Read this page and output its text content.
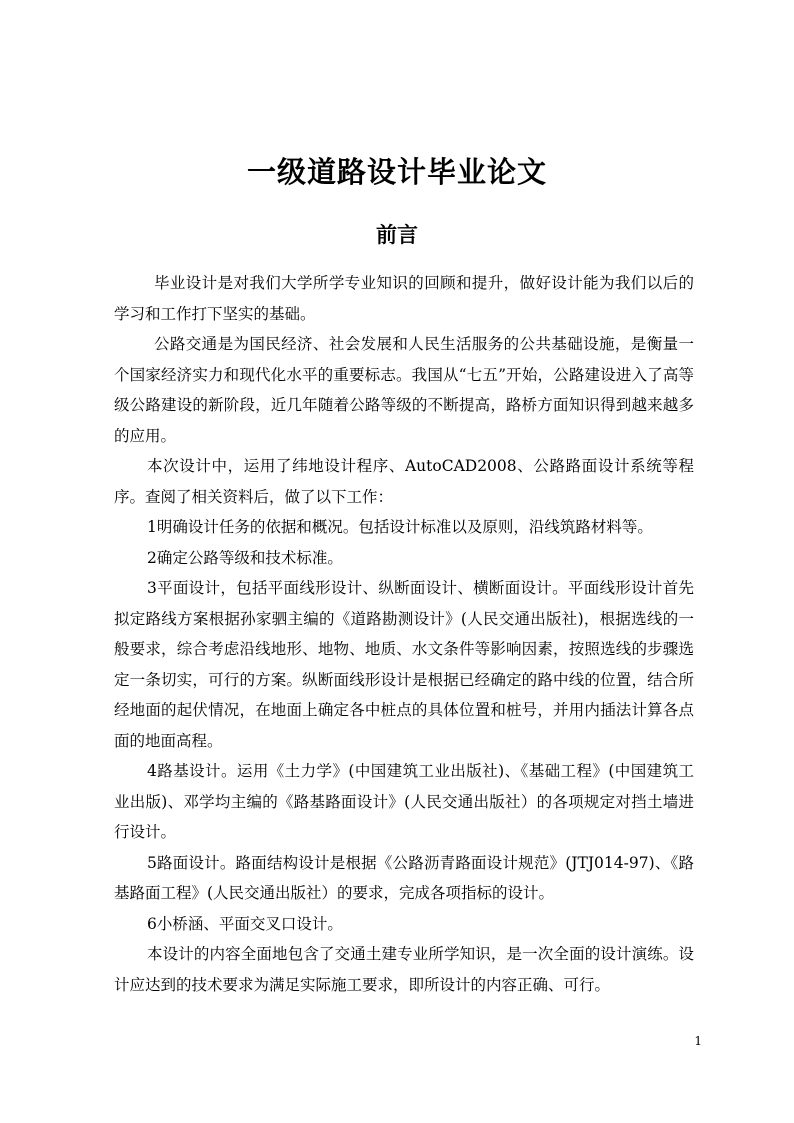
一级道路设计毕业论文
前言

毕业设计是对我们大学所学专业知识的回顾和提升，做好设计能为我们以后的学习和工作打下坚实的基础。

公路交通是为国民经济、社会发展和人民生活服务的公共基础设施，是衡量一个国家经济实力和现代化水平的重要标志。我国从“七五”开始，公路建设进入了高等级公路建设的新阶段，近几年随着公路等级的不断提高，路桥方面知识得到越来越多的应用。

本次设计中，运用了纬地设计程序、AutoCAD2008、公路路面设计系统等程序。查阅了相关资料后，做了以下工作：

1明确设计任务的依据和概况。包括设计标准以及原则，沿线筑路材料等。

2确定公路等级和技术标准。

3平面设计，包括平面线形设计、纵断面设计、横断面设计。平面线形设计首先拟定路线方案根据孙家驷主编的《道路勘测设计》(人民交通出版社)，根据选线的一般要求，综合考虑沿线地形、地物、地质、水文条件等影响因素，按照选线的步骤选定一条切实，可行的方案。纵断面线形设计是根据已经确定的路中线的位置，结合所经地面的起伏情况，在地面上确定各中桩点的具体位置和桩号，并用内插法计算各点面的地面高程。

4路基设计。运用《土力学》(中国建筑工业出版社)、《基础工程》(中国建筑工业出版)、邓学均主编的《路基路面设计》(人民交通出版社）的各项规定对挡土墙进行设计。

5路面设计。路面结构设计是根据《公路沥青路面设计规范》(JTJ014-97)、《路基路面工程》(人民交通出版社）的要求，完成各项指标的设计。

6小桥涵、平面交叉口设计。

本设计的内容全面地包含了交通土建专业所学知识，是一次全面的设计演练。设计应达到的技术要求为满足实际施工要求，即所设计的内容正确、可行。

1
